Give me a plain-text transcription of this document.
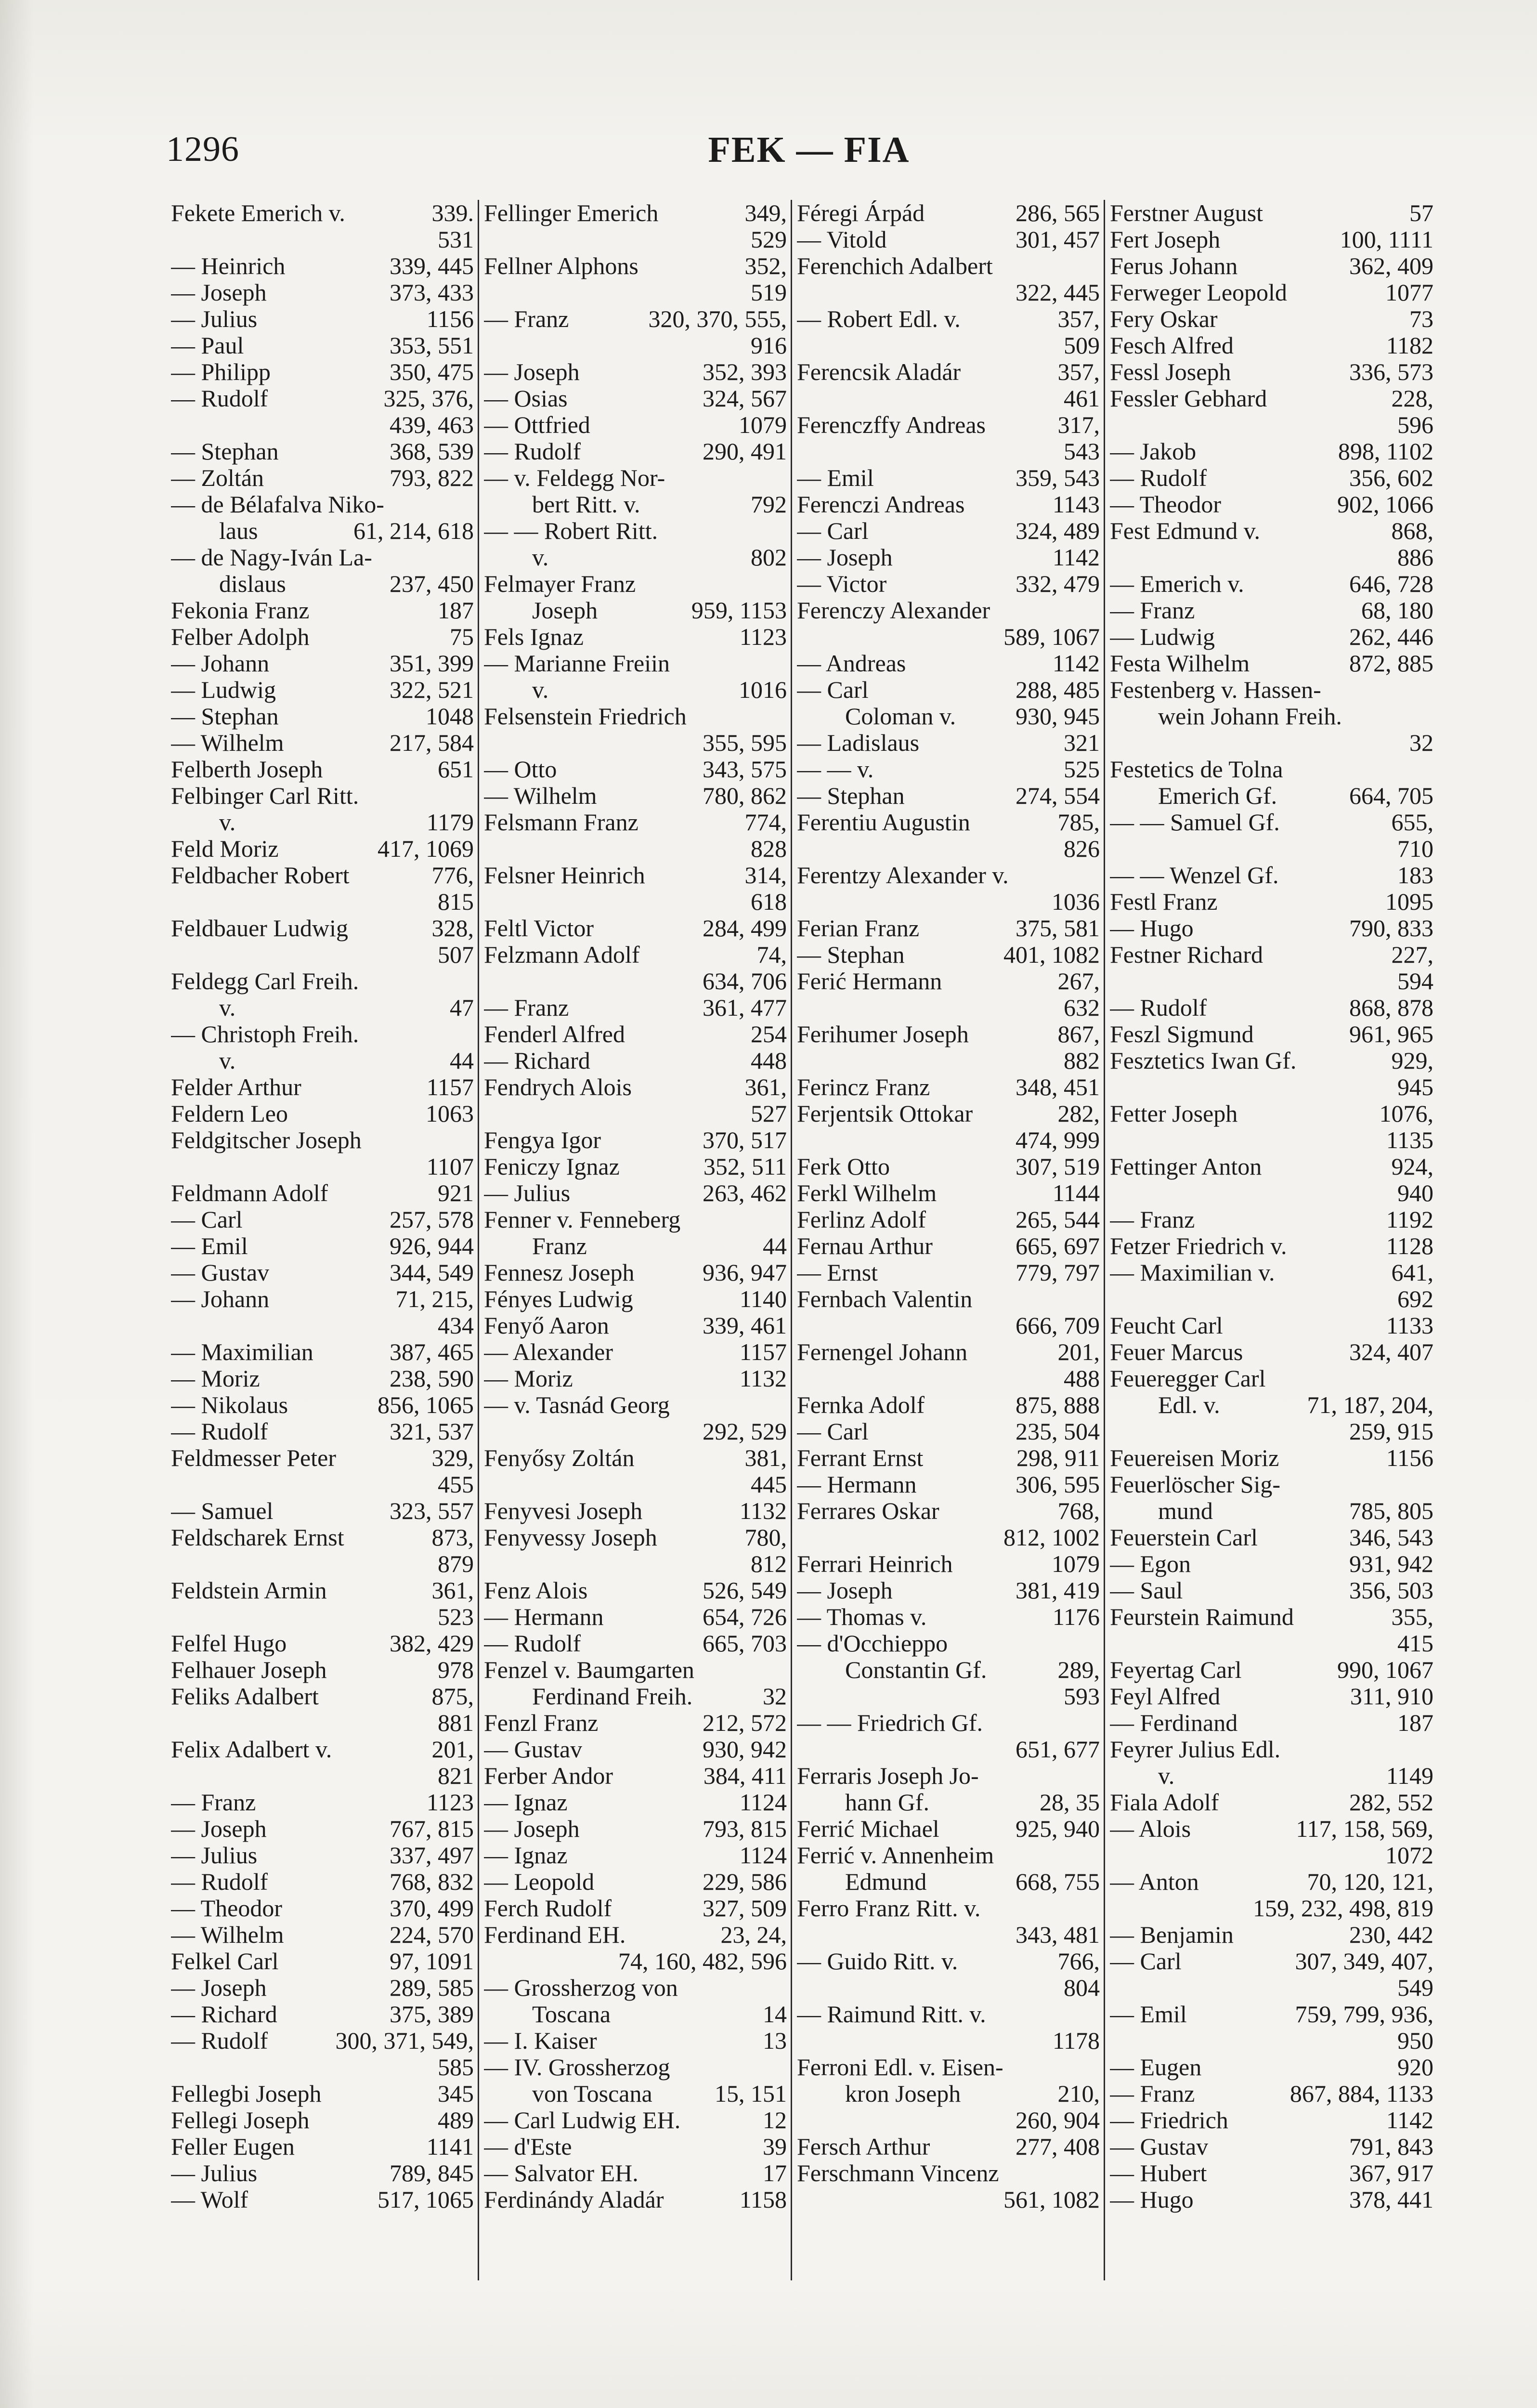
1296	FEK — FIA
Fekete Emerich v.	339.
531
— Heinrich	339, 445
— Joseph	373, 433
— Julius	1156
— Paul	353, 551
— Philipp	350, 475
— Rudolf	325, 376,
439, 463
— Stephan	368, 539
— Zoltán	793, 822
— de Bélafalva Niko-
laus	61, 214, 618
— de Nagy-Iván La-
dislaus	237, 450
Fekonia Franz	187
Felber Adolph	75
— Johann	351, 399
— Ludwig	322, 521
— Stephan	1048
— Wilhelm	217, 584
Felberth Joseph	651
Felbinger Carl Ritt.
v.	1179
Feld Moriz	417, 1069
Feldbacher Robert	776,
815
Feldbauer Ludwig	328,
507
Feldegg Carl Freih.
v.	47
— Christoph Freih.
v.	44
Felder Arthur	1157
Feldern Leo	1063
Feldgitscher Joseph
1107
Feldmann Adolf	921
— Carl	257, 578
— Emil	926, 944
— Gustav	344, 549
— Johann	71, 215,
434
— Maximilian	387, 465
— Moriz	238, 590
— Nikolaus	856, 1065
— Rudolf	321, 537
Feldmesser Peter	329,
455
— Samuel	323, 557
Feldscharek Ernst	873,
879
Feldstein Armin	361,
523
Felfel Hugo	382, 429
Felhauer Joseph	978
Feliks Adalbert	875,
881
Felix Adalbert v.	201,
821
— Franz	1123
— Joseph	767, 815
— Julius	337, 497
— Rudolf	768, 832
— Theodor	370, 499
— Wilhelm	224, 570
Felkel Carl	97, 1091
— Joseph	289, 585
— Richard	375, 389
— Rudolf	300, 371, 549,
585
Fellegbi Joseph	345
Fellegi Joseph	489
Feller Eugen	1141
— Julius	789, 845
— Wolf	517, 1065
Fellinger Emerich	349,
529
Fellner Alphons	352,
519
— Franz	320, 370, 555,
916
— Joseph	352, 393
— Osias	324, 567
— Ottfried	1079
— Rudolf	290, 491
— v. Feldegg Nor-
bert Ritt. v.	792
— — Robert Ritt.
v.	802
Felmayer Franz
Joseph	959, 1153
Fels Ignaz	1123
— Marianne Freiin
v.	1016
Felsenstein Friedrich
355, 595
— Otto	343, 575
— Wilhelm	780, 862
Felsmann Franz	774,
828
Felsner Heinrich	314,
618
Feltl Victor	284, 499
Felzmann Adolf	74,
634, 706
— Franz	361, 477
Fenderl Alfred	254
— Richard	448
Fendrych Alois	361,
527
Fengya Igor	370, 517
Feniczy Ignaz	352, 511
— Julius	263, 462
Fenner v. Fenneberg
Franz	44
Fennesz Joseph	936, 947
Fényes Ludwig	1140
Fenyő Aaron	339, 461
— Alexander	1157
— Moriz	1132
— v. Tasnád Georg
292, 529
Fenyősy Zoltán	381,
445
Fenyvesi Joseph	1132
Fenyvessy Joseph	780,
812
Fenz Alois	526, 549
— Hermann	654, 726
— Rudolf	665, 703
Fenzel v. Baumgarten
Ferdinand Freih.	32
Fenzl Franz	212, 572
— Gustav	930, 942
Ferber Andor	384, 411
— Ignaz	1124
— Joseph	793, 815
— Ignaz	1124
— Leopold	229, 586
Ferch Rudolf	327, 509
Ferdinand EH.	23, 24,
74, 160, 482, 596
— Grossherzog von
Toscana	14
— I. Kaiser	13
— IV. Grossherzog
von Toscana	15, 151
— Carl Ludwig EH.	12
— d'Este	39
— Salvator EH.	17
Ferdinándy Aladár	1158
Féregi Árpád	286, 565
— Vitold	301, 457
Ferenchich Adalbert
322, 445
— Robert Edl. v.	357,
509
Ferencsik Aladár	357,
461
Ferenczffy Andreas	317,
543
— Emil	359, 543
Ferenczi Andreas	1143
— Carl	324, 489
— Joseph	1142
— Victor	332, 479
Ferenczy Alexander
589, 1067
— Andreas	1142
— Carl	288, 485
Coloman v. 930, 945
— Ladislaus	321
— — v.	525
— Stephan	274, 554
Ferentiu Augustin	785,
826
Ferentzy Alexander v.
1036
Ferian Franz	375, 581
— Stephan	401, 1082
Ferić Hermann	267,
632
Ferihumer Joseph	867,
882
Ferincz Franz	348, 451
Ferjentsik Ottokar	282,
474, 999
Ferk Otto	307, 519
Ferkl Wilhelm	1144
Ferlinz Adolf	265, 544
Fernau Arthur	665, 697
— Ernst	779, 797
Fernbach Valentin
666, 709
Fernengel Johann	201,
488
Fernka Adolf	875, 888
— Carl	235, 504
Ferrant Ernst	298, 911
— Hermann	306, 595
Ferrares Oskar	768,
812, 1002
Ferrari Heinrich	1079
— Joseph	381, 419
— Thomas v.	1176
— d'Occhieppo
Constantin Gf.	289,
593
— — Friedrich Gf.
651, 677
Ferraris Joseph Jo-
hann Gf.	28, 35
Ferrić Michael	925, 940
Ferrić v. Annenheim
Edmund	668, 755
Ferro Franz Ritt. v.
343, 481
— Guido Ritt. v.	766,
804
— Raimund Ritt. v.
1178
Ferroni Edl. v. Eisen-
kron Joseph	210,
260, 904
Fersch Arthur	277, 408
Ferschmann Vincenz
561, 1082
Ferstner August	57
Fert Joseph	100, 1111
Ferus Johann	362, 409
Ferweger Leopold	1077
Fery Oskar	73
Fesch Alfred	1182
Fessl Joseph	336, 573
Fessler Gebhard	228,
596
— Jakob	898, 1102
— Rudolf	356, 602
— Theodor	902, 1066
Fest Edmund v.	868,
886
— Emerich v.	646, 728
— Franz	68, 180
— Ludwig	262, 446
Festa Wilhelm	872, 885
Festenberg v. Hassen-
wein Johann Freih.
32
Festetics de Tolna
Emerich Gf.	664, 705
— — Samuel Gf.	655,
710
— — Wenzel Gf.	183
Festl Franz	1095
— Hugo	790, 833
Festner Richard	227,
594
— Rudolf	868, 878
Feszl Sigmund	961, 965
Fesztetics Iwan Gf.	929,
945
Fetter Joseph	1076,
1135
Fettinger Anton	924,
940
— Franz	1192
Fetzer Friedrich v.	1128
— Maximilian v.	641,
692
Feucht Carl	1133
Feuer Marcus	324, 407
Feueregger Carl
Edl. v.	71, 187, 204,
259, 915
Feuereisen Moriz	1156
Feuerlöscher Sig-
mund	785, 805
Feuerstein Carl	346, 543
— Egon	931, 942
— Saul	356, 503
Feurstein Raimund	355,
415
Feyertag Carl	990, 1067
Feyl Alfred	311, 910
— Ferdinand	187
Feyrer Julius Edl.
v.	1149
Fiala Adolf	282, 552
— Alois	117, 158, 569,
1072
— Anton	70, 120, 121,
159, 232, 498, 819
— Benjamin	230, 442
— Carl	307, 349, 407,
549
— Emil	759, 799, 936,
950
— Eugen	920
— Franz	867, 884, 1133
— Friedrich	1142
— Gustav	791, 843
— Hubert	367, 917
— Hugo	378, 441
